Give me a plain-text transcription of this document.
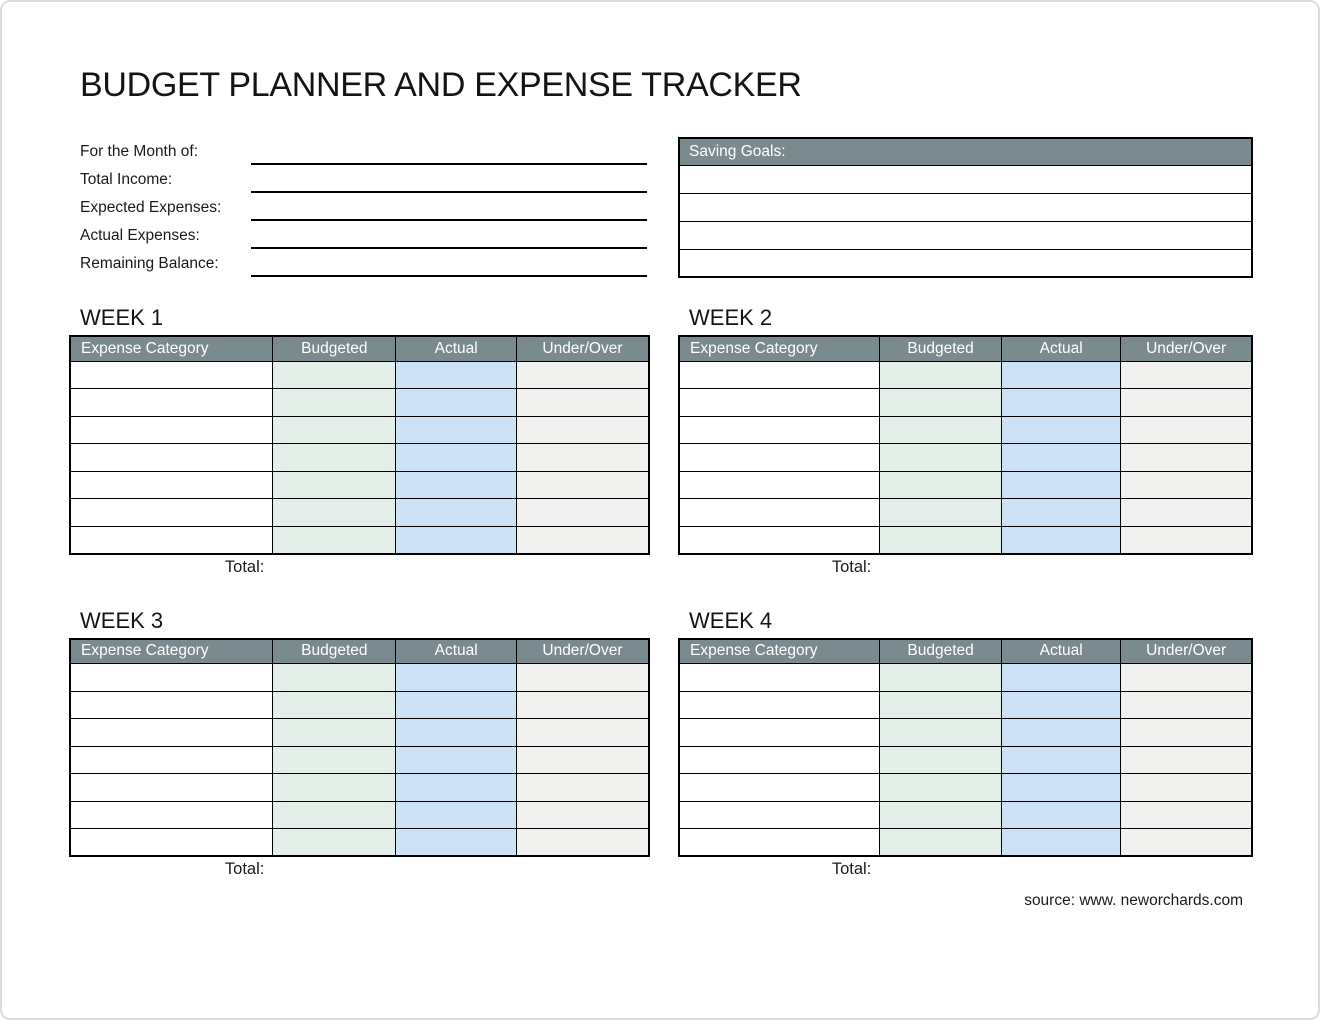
BUDGET PLANNER AND EXPENSE TRACKER
For the Month of:
Total Income:
Expected Expenses:
Actual Expenses:
Remaining Balance:
Saving Goals:

WEEK 1
Expense Category	Budgeted	Actual	Under/Over

Total:
WEEK 2
Expense Category	Budgeted	Actual	Under/Over

Total:
WEEK 3
Expense Category	Budgeted	Actual	Under/Over

Total:
WEEK 4
Expense Category	Budgeted	Actual	Under/Over

Total:
source: www. neworchards.com
